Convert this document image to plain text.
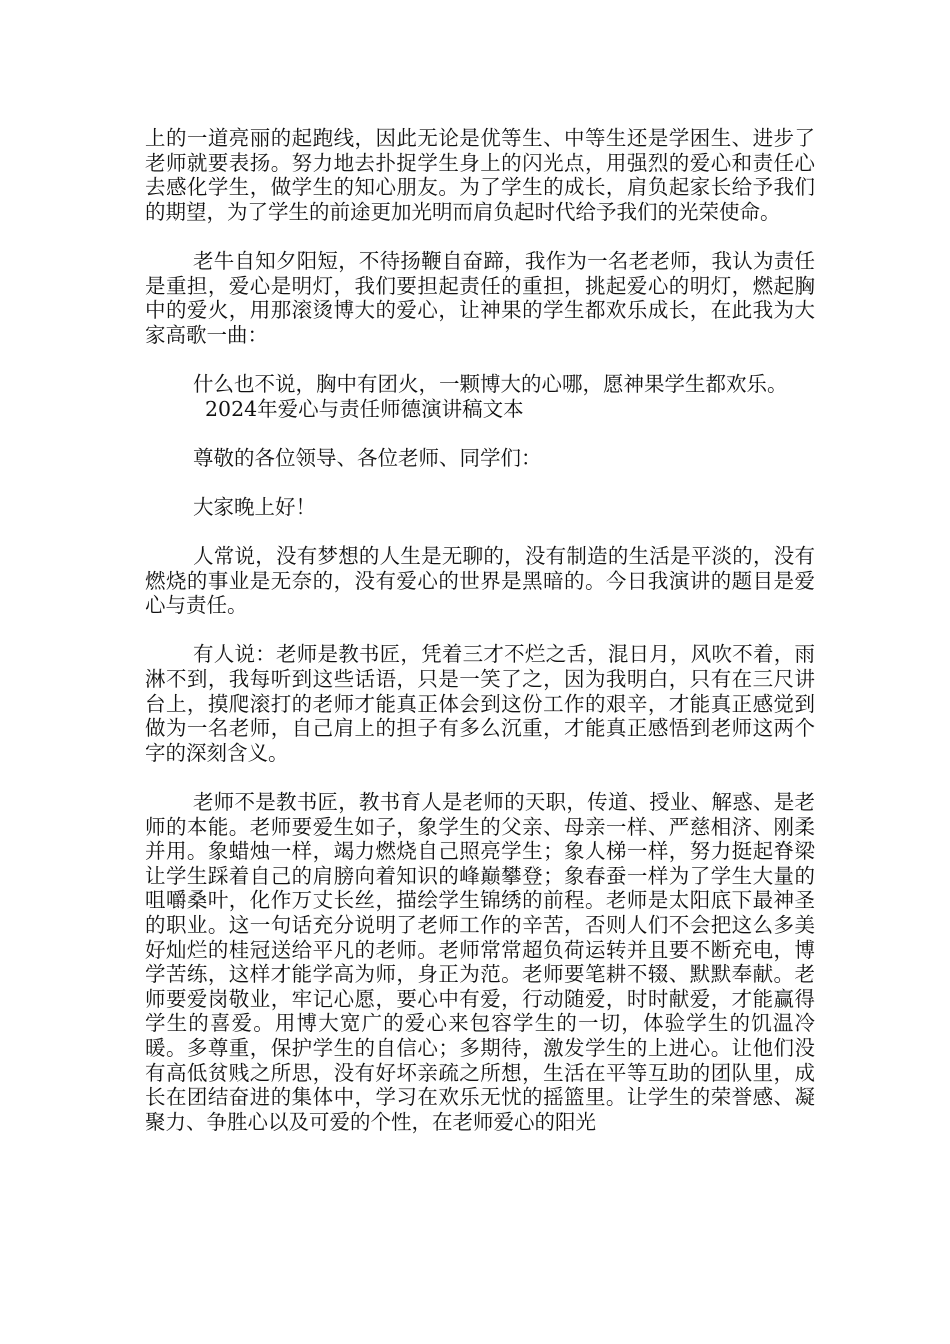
上的一道亮丽的起跑线，因此无论是优等生、中等生还是学困生、进步了老师就要表扬。努力地去扑捉学生身上的闪光点，用强烈的爱心和责任心去感化学生，做学生的知心朋友。为了学生的成长，肩负起家长给予我们的期望，为了学生的前途更加光明而肩负起时代给予我们的光荣使命。

老牛自知夕阳短，不待扬鞭自奋蹄，我作为一名老老师，我认为责任是重担，爱心是明灯，我们要担起责任的重担，挑起爱心的明灯，燃起胸中的爱火，用那滚烫博大的爱心，让神果的学生都欢乐成长，在此我为大家高歌一曲：

什么也不说，胸中有团火，一颗博大的心哪，愿神果学生都欢乐。

2024年爱心与责任师德演讲稿文本

尊敬的各位领导、各位老师、同学们：

大家晚上好！

人常说，没有梦想的人生是无聊的，没有制造的生活是平淡的，没有燃烧的事业是无奈的，没有爱心的世界是黑暗的。今日我演讲的题目是爱心与责任。

有人说：老师是教书匠，凭着三才不烂之舌，混日月，风吹不着，雨淋不到，我每听到这些话语，只是一笑了之，因为我明白，只有在三尺讲台上，摸爬滚打的老师才能真正体会到这份工作的艰辛，才能真正感觉到做为一名老师，自己肩上的担子有多么沉重，才能真正感悟到老师这两个字的深刻含义。

老师不是教书匠，教书育人是老师的天职，传道、授业、解惑、是老师的本能。老师要爱生如子，象学生的父亲、母亲一样、严慈相济、刚柔并用。象蜡烛一样，竭力燃烧自己照亮学生；象人梯一样，努力挺起脊梁让学生踩着自己的肩膀向着知识的峰巅攀登；象春蚕一样为了学生大量的咀嚼桑叶，化作万丈长丝，描绘学生锦绣的前程。老师是太阳底下最神圣的职业。这一句话充分说明了老师工作的辛苦，否则人们不会把这么多美好灿烂的桂冠送给平凡的老师。老师常常超负荷运转并且要不断充电，博学苦练，这样才能学高为师，身正为范。老师要笔耕不辍、默默奉献。老师要爱岗敬业，牢记心愿，要心中有爱，行动随爱，时时献爱，才能赢得学生的喜爱。用博大宽广的爱心来包容学生的一切，体验学生的饥温冷暖。多尊重，保护学生的自信心；多期待，激发学生的上进心。让他们没有高低贫贱之所思，没有好坏亲疏之所想，生活在平等互助的团队里，成长在团结奋进的集体中，学习在欢乐无忧的摇篮里。让学生的荣誉感、凝聚力、争胜心以及可爱的个性，在老师爱心的阳光
